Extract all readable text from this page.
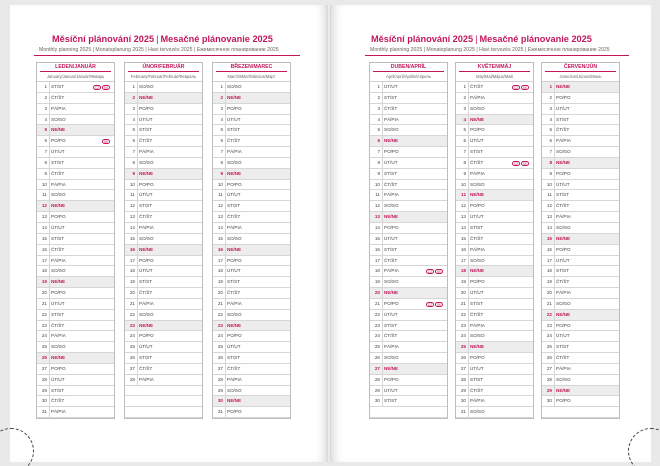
Měsíční plánování 2025 | Mesačné plánovanie 2025
Monthly planning 2025 | Monatsplanung 2025 | Havi tervezés 2025 | Ежемесячное планирование 2025
LEDEN/JANUÁR
January/Januar/Január/Январь
1 ST/ST	CZ	SK
2 ČT/ŠT
3 PÁ/PIA
4 SO/SO
5 NE/NE
6 PO/PO	SK
7 ÚT/UT
8 ST/ST
9 ČT/ŠT
10 PÁ/PIA
11 SO/SO
12 NE/NE
13 PO/PO
14 ÚT/UT
15 ST/ST
16 ČT/ŠT
17 PÁ/PIA
18 SO/SO
19 NE/NE
20 PO/PO
21 ÚT/UT
22 ST/ST
23 ČT/ŠT
24 PÁ/PIA
25 SO/SO
26 NE/NE
27 PO/PO
28 ÚT/UT
29 ST/ST
30 ČT/ŠT
31 PÁ/PIA
ÚNOR/FEBRUÁR
February/Februar/Február/Февраль
1 SO/SO
2 NE/NE
3 PO/PO
4 ÚT/UT
5 ST/ST
6 ČT/ŠT
7 PÁ/PIA
8 SO/SO
9 NE/NE
10 PO/PO
11 ÚT/UT
12 ST/ST
13 ČT/ŠT
14 PÁ/PIA
15 SO/SO
16 NE/NE
17 PO/PO
18 ÚT/UT
19 ST/ST
20 ČT/ŠT
21 PÁ/PIA
22 SO/SO
23 NE/NE
24 PO/PO
25 ÚT/UT
26 ST/ST
27 ČT/ŠT
28 PÁ/PIA
BŘEZEN/MAREC
March/März/Március/Март
1 SO/SO
2 NE/NE
3 PO/PO
4 ÚT/UT
5 ST/ST
6 ČT/ŠT
7 PÁ/PIA
8 SO/SO
9 NE/NE
10 PO/PO
11 ÚT/UT
12 ST/ST
13 ČT/ŠT
14 PÁ/PIA
15 SO/SO
16 NE/NE
17 PO/PO
18 ÚT/UT
19 ST/ST
20 ČT/ŠT
21 PÁ/PIA
22 SO/SO
23 NE/NE
24 PO/PO
25 ÚT/UT
26 ST/ST
27 ČT/ŠT
28 PÁ/PIA
29 SO/SO
30 NE/NE
31 PO/PO
Měsíční plánování 2025 | Mesačné plánovanie 2025
Monthly planning 2025 | Monatsplanung 2025 | Havi tervezés 2025 | Ежемесячное планирование 2025
DUBEN/APRÍL
April/April/Április/Апрель
1 ÚT/UT
2 ST/ST
3 ČT/ŠT
4 PÁ/PIA
5 SO/SO
6 NE/NE
7 PO/PO
8 ÚT/UT
9 ST/ST
10 ČT/ŠT
11 PÁ/PIA
12 SO/SO
13 NE/NE
14 PO/PO
15 ÚT/UT
16 ST/ST
17 ČT/ŠT
18 PÁ/PIA	CZ	SK
19 SO/SO
20 NE/NE
21 PO/PO	CZ	SK
22 ÚT/UT
23 ST/ST
24 ČT/ŠT
25 PÁ/PIA
26 SO/SO
27 NE/NE
28 PO/PO
29 ÚT/UT
30 ST/ST
KVĚTEN/MÁJ
May/Mai/Május/Май
1 ČT/ŠT	CZ	SK
2 PÁ/PIA
3 SO/SO
4 NE/NE
5 PO/PO
6 ÚT/UT
7 ST/ST
8 ČT/ŠT	CZ	SK
9 PÁ/PIA
10 SO/SO
11 NE/NE
12 PO/PO
13 ÚT/UT
14 ST/ST
15 ČT/ŠT
16 PÁ/PIA
17 SO/SO
18 NE/NE
19 PO/PO
20 ÚT/UT
21 ST/ST
22 ČT/ŠT
23 PÁ/PIA
24 SO/SO
25 NE/NE
26 PO/PO
27 ÚT/UT
28 ST/ST
29 ČT/ŠT
30 PÁ/PIA
31 SO/SO
ČERVEN/JÚN
June/Juni/Június/Июнь
1 NE/NE
2 PO/PO
3 ÚT/UT
4 ST/ST
5 ČT/ŠT
6 PÁ/PIA
7 SO/SO
8 NE/NE
9 PO/PO
10 ÚT/UT
11 ST/ST
12 ČT/ŠT
13 PÁ/PIA
14 SO/SO
15 NE/NE
16 PO/PO
17 ÚT/UT
18 ST/ST
19 ČT/ŠT
20 PÁ/PIA
21 SO/SO
22 NE/NE
23 PO/PO
24 ÚT/UT
25 ST/ST
26 ČT/ŠT
27 PÁ/PIA
28 SO/SO
29 NE/NE
30 PO/PO
